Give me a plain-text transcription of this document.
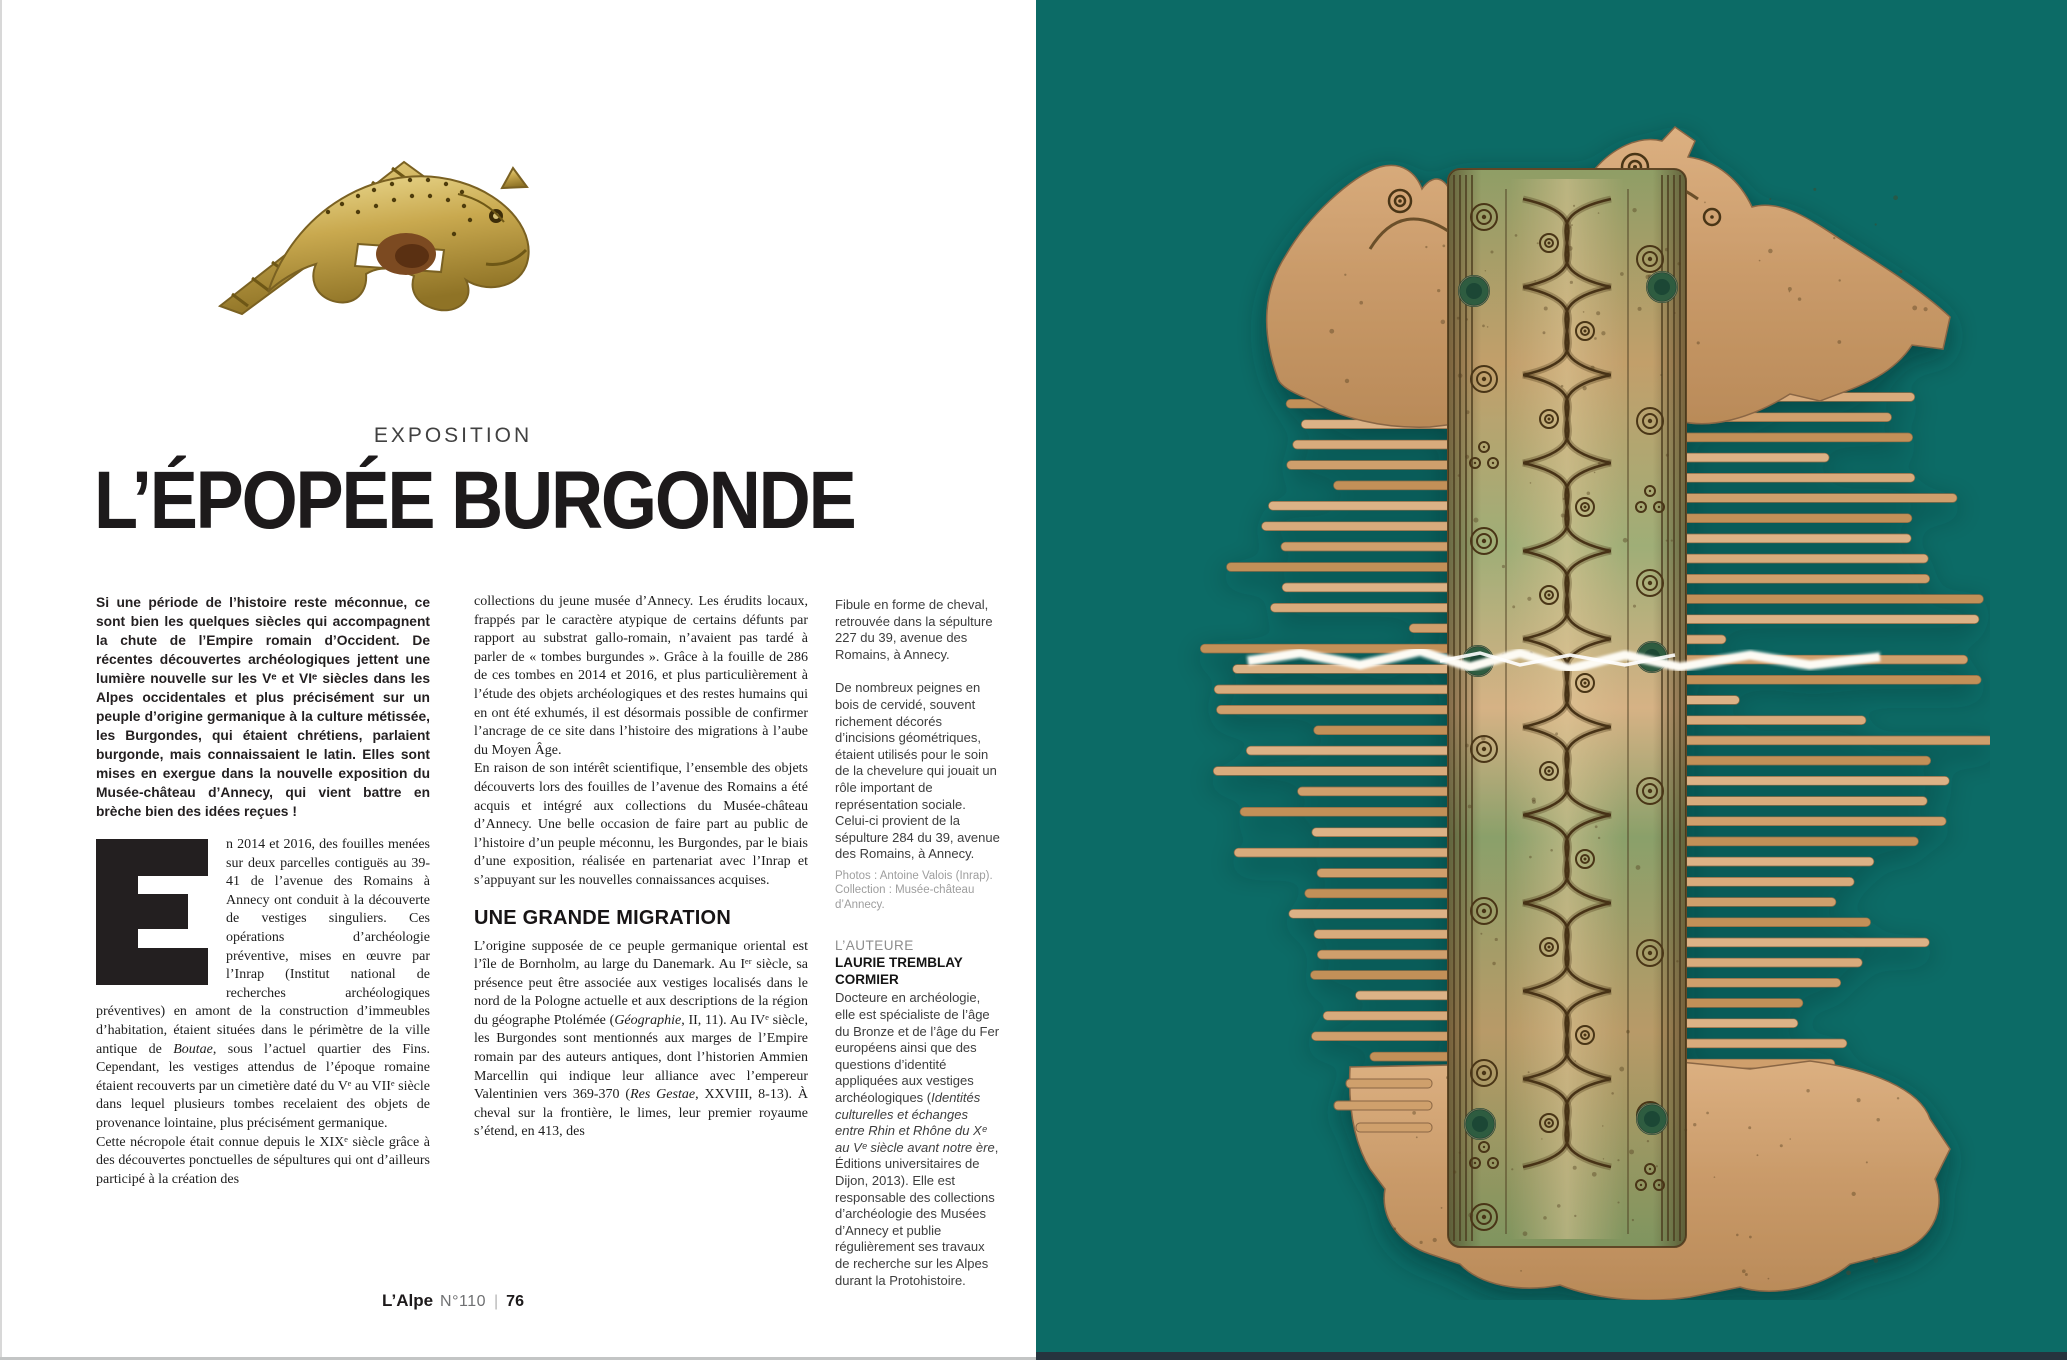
EXPOSITION
L’ÉPOPÉE BURGONDE

Si une période de l’histoire reste méconnue, ce sont bien les quelques siècles qui accompagnent la chute de l’Empire romain d’Occident. De récentes découvertes archéologiques jettent une lumière nouvelle sur les Vᵉ et VIᵉ siècles dans les Alpes occidentales et plus précisément sur un peuple d’origine germanique à la culture métissée, les Burgondes, qui étaient chrétiens, parlaient burgonde, mais connaissaient le latin. Elles sont mises en exergue dans la nouvelle exposition du Musée-château d’Annecy, qui vient battre en brèche bien des idées reçues !

n 2014 et 2016, des fouilles menées sur deux parcelles contiguës au 39-41 de l’avenue des Romains à Annecy ont conduit à la découverte de vestiges singuliers. Ces opérations d’archéologie préventive, mises en œuvre par l’Inrap (Institut national de recherches archéologiques préventives) en amont de la construction d’immeubles d’habitation, étaient situées dans le périmètre de la ville antique de Boutae, sous l’actuel quartier des Fins. Cependant, les vestiges attendus de l’époque romaine étaient recouverts par un cimetière daté du Vᵉ au VIIᵉ siècle dans lequel plusieurs tombes recelaient des objets de provenance lointaine, plus précisément germanique.

Cette nécropole était connue depuis le XIXᵉ siècle grâce à des découvertes ponctuelles de sépultures qui ont d’ailleurs participé à la création des

collections du jeune musée d’Annecy. Les érudits locaux, frappés par le caractère atypique de certains défunts par rapport au substrat gallo-romain, n’avaient pas tardé à parler de « tombes burgundes ». Grâce à la fouille de 286 de ces tombes en 2014 et 2016, et plus particulièrement à l’étude des objets archéologiques et des restes humains qui en ont été exhumés, il est désormais possible de confirmer l’ancrage de ce site dans l’histoire des migrations à l’aube du Moyen Âge.

En raison de son intérêt scientifique, l’ensemble des objets découverts lors des fouilles de l’avenue des Romains a été acquis et intégré aux collections du Musée-château d’Annecy. Une belle occasion de faire part au public de l’histoire d’un peuple méconnu, les Burgondes, par le biais d’une exposition, réalisée en partenariat avec l’Inrap et s’appuyant sur les nouvelles connaissances acquises.

UNE GRANDE MIGRATION

L’origine supposée de ce peuple germanique oriental est l’île de Bornholm, au large du Danemark. Au Iᵉʳ siècle, sa présence peut être associée aux vestiges localisés dans le nord de la Pologne actuelle et aux descriptions de la région du géographe Ptolémée (Géographie, II, 11). Au IVᵉ siècle, les Burgondes sont mentionnés aux marges de l’Empire romain par des auteurs antiques, dont l’historien Ammien Marcellin qui indique leur alliance avec l’empereur Valentinien vers 369-370 (Res Gestae, XXVIII, 8-13). À cheval sur la frontière, le limes, leur premier royaume s’étend, en 413, des

Fibule en forme de cheval, retrouvée dans la sépulture 227 du 39, avenue des Romains, à Annecy.

De nombreux peignes en bois de cervidé, souvent richement décorés d’incisions géométriques, étaient utilisés pour le soin de la chevelure qui jouait un rôle important de représentation sociale. Celui-ci provient de la sépulture 284 du 39, avenue des Romains, à Annecy.

Photos : Antoine Valois (Inrap). Collection : Musée-château d’Annecy.

L’AUTEURE

LAURIE TREMBLAY CORMIER

Docteure en archéologie, elle est spécialiste de l’âge du Bronze et de l’âge du Fer européens ainsi que des questions d’identité appliquées aux vestiges archéologiques (Identités culturelles et échanges entre Rhin et Rhône du Xᵉ au Vᵉ siècle avant notre ère, Éditions universitaires de Dijon, 2013). Elle est responsable des collections d’archéologie des Musées d’Annecy et publie régulièrement ses travaux de recherche sur les Alpes durant la Protohistoire.

L’Alpe N°110 | 76
